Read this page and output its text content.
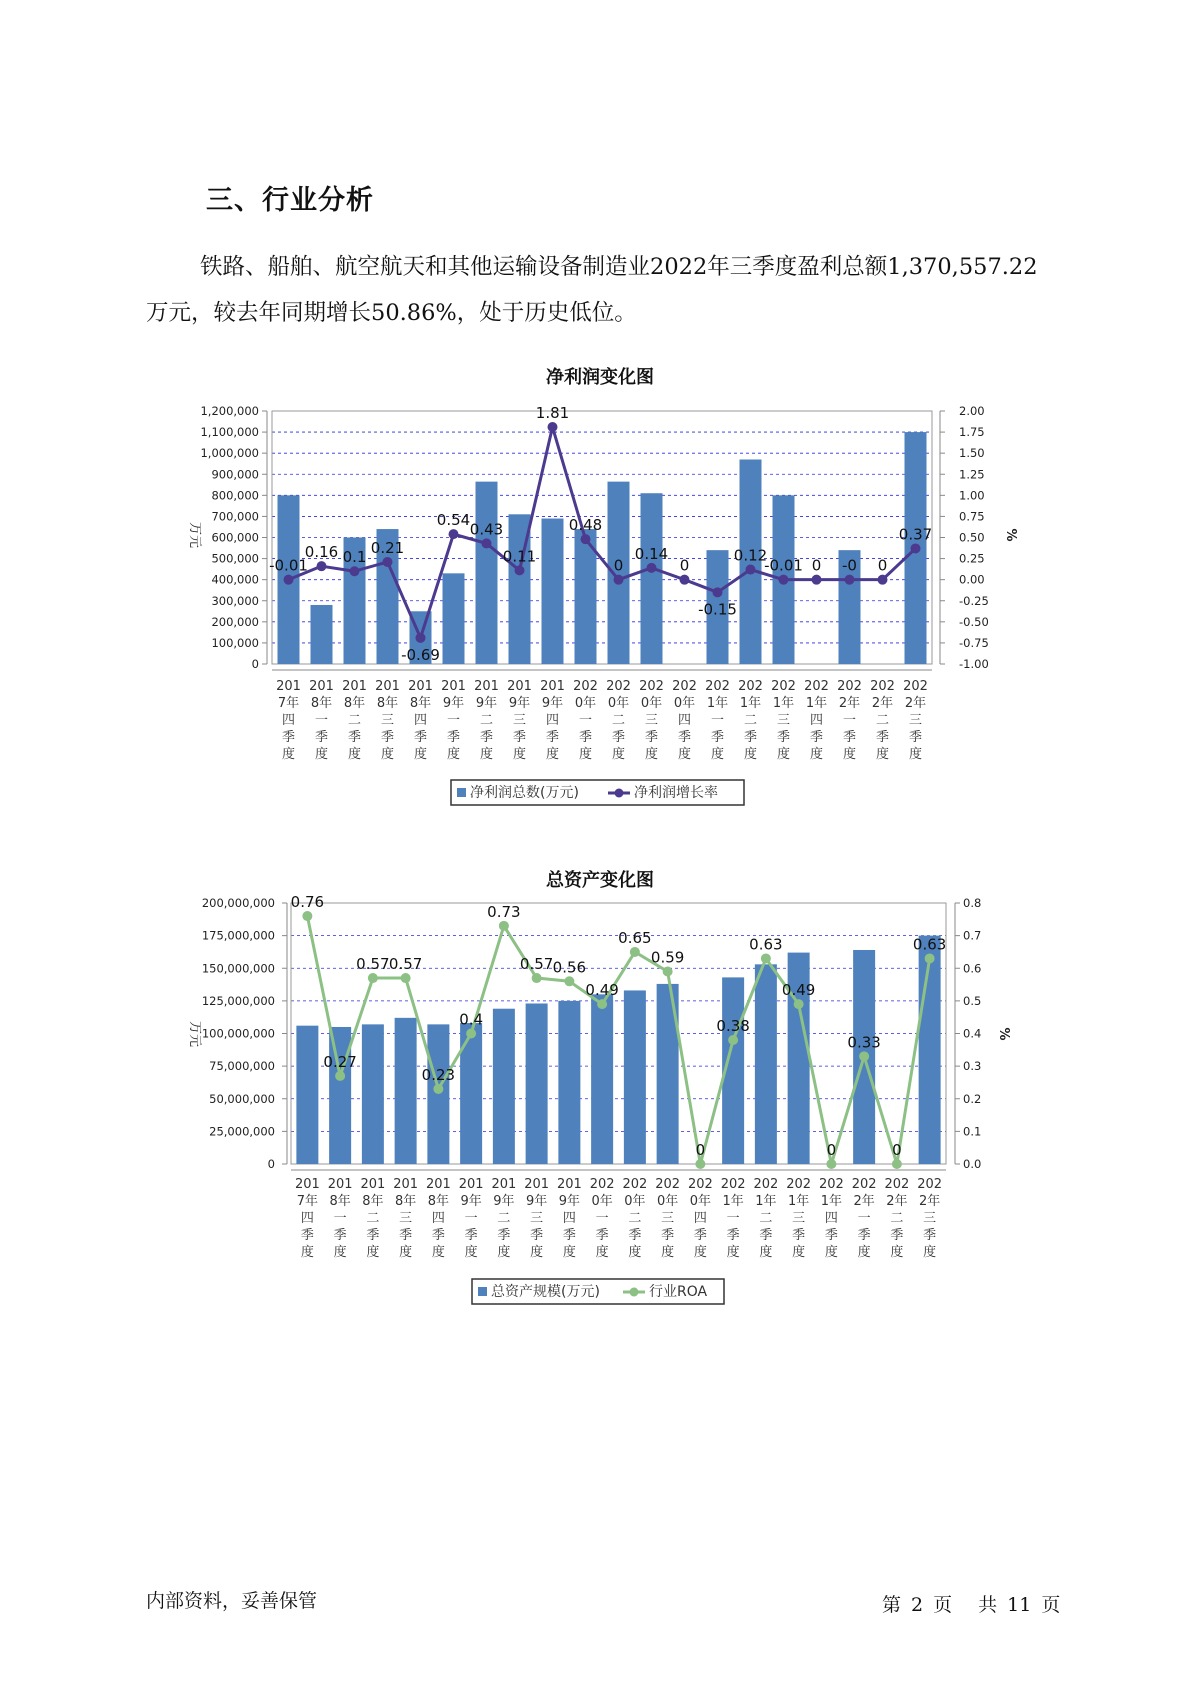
三、行业分析

铁路、船舶、航空航天和其他运输设备制造业2022年三季度盈利总额1,370,557.22万元，较去年同期增长50.86%，处于历史低位。

净利润变化图
总资产变化图
内部资料，妥善保管	第 2 页 共 11 页
0
100,000
200,000
300,000
400,000
500,000
600,000
700,000
800,000
900,000
1,000,000
1,100,000
1,200,000
-1.00
-0.75
-0.50
-0.25
0.00
0.25
0.50
0.75
1.00
1.25
1.50
1.75
2.00
万元	%
-0.01
0.16 0.1
0.21
-0.69
0.54
0.43
0.11
1.81
0.48
0
0.14
0
-0.15
0.12
-0.01 0 -0 0
0.37
201
7年
四
季
度
201
8年
一
季
度
201
8年
二
季
度
201
8年
三
季
度
201
8年
四
季
度
201
9年
一
季
度
201
9年
二
季
度
201
9年
三
季
度
201
9年
四
季
度
202
0年
一
季
度
202
0年
二
季
度
202
0年
三
季
度
202
0年
四
季
度
202
1年
一
季
度
202
1年
二
季
度
202
1年
三
季
度
202
1年
四
季
度
202
2年
一
季
度
202
2年
二
季
度
202
2年
三
季
度
净利润总数(万元)	净利润增长率
0
25,000,000
50,000,000
75,000,000
100,000,000
125,000,000
150,000,000
175,000,000
200,000,000
0.0
0.1
0.2
0.3
0.4
0.5
0.6
0.7
0.8
万元	%
0.76
0.27
0.57 0.57
0.23
0.4
0.73
0.57 0.56
0.49
0.65
0.59
0
0.38
0.63
0.49
0
0.33
0
0.63
201
7年
四
季
度
201
8年
一
季
度
201
8年
二
季
度
201
8年
三
季
度
201
8年
四
季
度
201
9年
一
季
度
201
9年
二
季
度
201
9年
三
季
度
201
9年
四
季
度
202
0年
一
季
度
202
0年
二
季
度
202
0年
三
季
度
202
0年
四
季
度
202
1年
一
季
度
202
1年
二
季
度
202
1年
三
季
度
202
1年
四
季
度
202
2年
一
季
度
202
2年
二
季
度
202
2年
三
季
度
总资产规模(万元)	行业ROA
